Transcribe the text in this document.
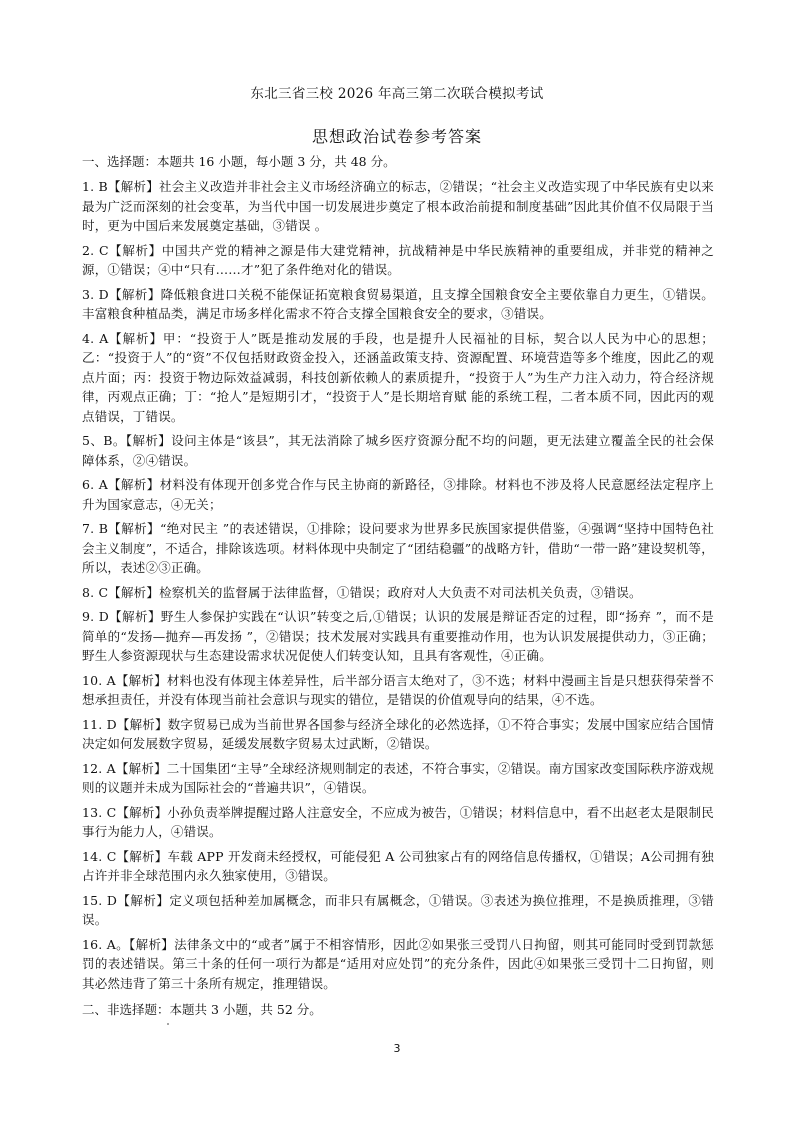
东北三省三校 2026 年高三第二次联合模拟考试
思想政治试卷参考答案

一、选择题：本题共 16 小题，每小题 3 分，共 48 分。

1. B【解析】社会主义改造并非社会主义市场经济确立的标志，②错误；“社会主义改造实现了中华民族有史以来最为广泛而深刻的社会变革，为当代中国一切发展进步奠定了根本政治前提和制度基础”因此其价值不仅局限于当时，更为中国后来发展奠定基础，③错误 。

2. C【解析】中国共产党的精神之源是伟大建党精神，抗战精神是中华民族精神的重要组成，并非党的精神之源，①错误；④中“只有……才”犯了条件绝对化的错误。

3. D【解析】降低粮食进口关税不能保证拓宽粮食贸易渠道，且支撑全国粮食安全主要依靠自力更生，①错误。丰富粮食种植品类，满足市场多样化需求不符合支撑全国粮食安全的要求，③错误。

4. A【解析】甲：“投资于人”既是推动发展的手段，也是提升人民福祉的目标，契合以人民为中心的思想；乙：“投资于人”的“资”不仅包括财政资金投入，还涵盖政策支持、资源配置、环境营造等多个维度，因此乙的观点片面；丙：投资于物边际效益减弱，科技创新依赖人的素质提升，“投资于人”为生产力注入动力，符合经济规律，丙观点正确；丁：“抢人”是短期引才，“投资于人”是长期培育赋 能的系统工程，二者本质不同，因此丙的观点错误，丁错误。

5、B。【解析】设问主体是“该县”，其无法消除了城乡医疗资源分配不均的问题，更无法建立覆盖全民的社会保障体系，②④错误。

6. A【解析】材料没有体现开创多党合作与民主协商的新路径，③排除。材料也不涉及将人民意愿经法定程序上升为国家意志，④无关；

7. B【解析】“绝对民主 ”的表述错误，①排除；设问要求为世界多民族国家提供借鉴，④强调“坚持中国特色社会主义制度”，不适合，排除该选项。材料体现中央制定了“团结稳疆”的战略方针，借助“一带一路”建设契机等，所以，表述②③正确。

8. C【解析】检察机关的监督属于法律监督，①错误；政府对人大负责不对司法机关负责，③错误。

9. D【解析】野生人参保护实践在“认识”转变之后,①错误；认识的发展是辩证否定的过程，即“扬弃 ”，而不是简单的“发扬—抛弃—再发扬 ”，②错误；技术发展对实践具有重要推动作用，也为认识发展提供动力，③正确；野生人参资源现状与生态建设需求状况促使人们转变认知，且具有客观性，④正确。

10. A【解析】材料也没有体现主体差异性，后半部分语言太绝对了，③不选；材料中漫画主旨是只想获得荣誉不想承担责任，并没有体现当前社会意识与现实的错位，是错误的价值观导向的结果，④不选。

11. D【解析】数字贸易已成为当前世界各国参与经济全球化的必然选择，①不符合事实；发展中国家应结合国情决定如何发展数字贸易，延缓发展数字贸易太过武断，②错误。

12. A【解析】二十国集团“主导”全球经济规则制定的表述，不符合事实，②错误。南方国家改变国际秩序游戏规则的议题并未成为国际社会的“普遍共识”，④错误。

13. C【解析】小孙负责举牌提醒过路人注意安全，不应成为被告，①错误；材料信息中，看不出赵老太是限制民事行为能力人，④错误。

14. C【解析】车载 APP 开发商未经授权，可能侵犯 A 公司独家占有的网络信息传播权，①错误；A公司拥有独占许并非全球范围内永久独家使用，③错误。

15. D【解析】定义项包括种差加属概念，而非只有属概念，①错误。③表述为换位推理，不是换质推理，③错误。

16. A。【解析】法律条文中的“或者”属于不相容情形，因此②如果张三受罚八日拘留，则其可能同时受到罚款惩罚的表述错误。第三十条的任何一项行为都是“适用对应处罚”的充分条件，因此④如果张三受罚十二日拘留，则其必然违背了第三十条所有规定，推理错误。

二、非选择题：本题共 3 小题，共 52 分。
3
